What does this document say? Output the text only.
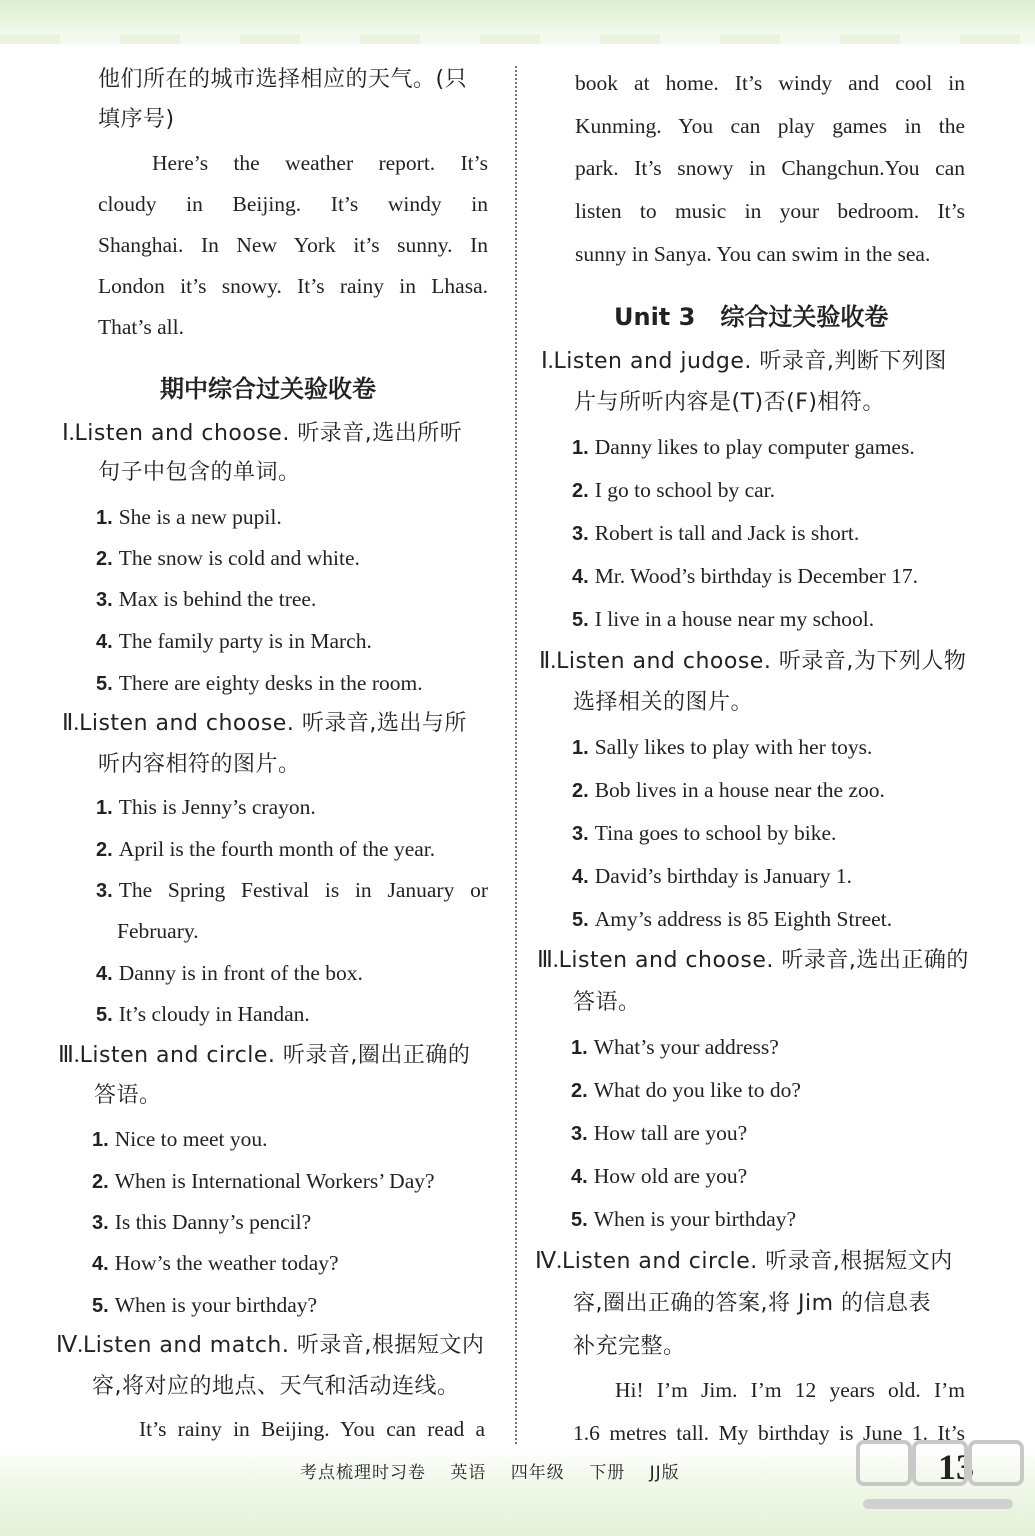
他们所在的城市选择相应的天气。(只
填序号)
Here’s the weather report. It’s
cloudy in Beijing. It’s windy in
Shanghai. In New York it’s sunny. In
London it’s snowy. It’s rainy in Lhasa.
That’s all.
期中综合过关验收卷
Ⅰ.Listen and choose. 听录音,选出所听
句子中包含的单词。
1. She is a new pupil.
2. The snow is cold and white.
3. Max is behind the tree.
4. The family party is in March.
5. There are eighty desks in the room.
Ⅱ.Listen and choose. 听录音,选出与所
听内容相符的图片。
1. This is Jenny’s crayon.
2. April is the fourth month of the year.
3. The Spring Festival is in January or
February.
4. Danny is in front of the box.
5. It’s cloudy in Handan.
Ⅲ.Listen and circle. 听录音,圈出正确的
答语。
1. Nice to meet you.
2. When is International Workers’ Day?
3. Is this Danny’s pencil?
4. How’s the weather today?
5. When is your birthday?
Ⅳ.Listen and match. 听录音,根据短文内
容,将对应的地点、天气和活动连线。
It’s rainy in Beijing. You can read a
book at home. It’s windy and cool in
Kunming. You can play games in the
park. It’s snowy in Changchun.You can
listen to music in your bedroom. It’s
sunny in Sanya. You can swim in the sea.
Unit 3   综合过关验收卷
Ⅰ.Listen and judge. 听录音,判断下列图
片与所听内容是(T)否(F)相符。
1. Danny likes to play computer games.
2. I go to school by car.
3. Robert is tall and Jack is short.
4. Mr. Wood’s birthday is December 17.
5. I live in a house near my school.
Ⅱ.Listen and choose. 听录音,为下列人物
选择相关的图片。
1. Sally likes to play with her toys.
2. Bob lives in a house near the zoo.
3. Tina goes to school by bike.
4. David’s birthday is January 1.
5. Amy’s address is 85 Eighth Street.
Ⅲ.Listen and choose. 听录音,选出正确的
答语。
1. What’s your address?
2. What do you like to do?
3. How tall are you?
4. How old are you?
5. When is your birthday?
Ⅳ.Listen and circle. 听录音,根据短文内
容,圈出正确的答案,将 Jim 的信息表
补充完整。
Hi! I’m Jim. I’m 12 years old. I’m
1.6 metres tall. My birthday is June 1. It’s
考点梳理时习卷 英语 四年级 下册 JJ版	13
